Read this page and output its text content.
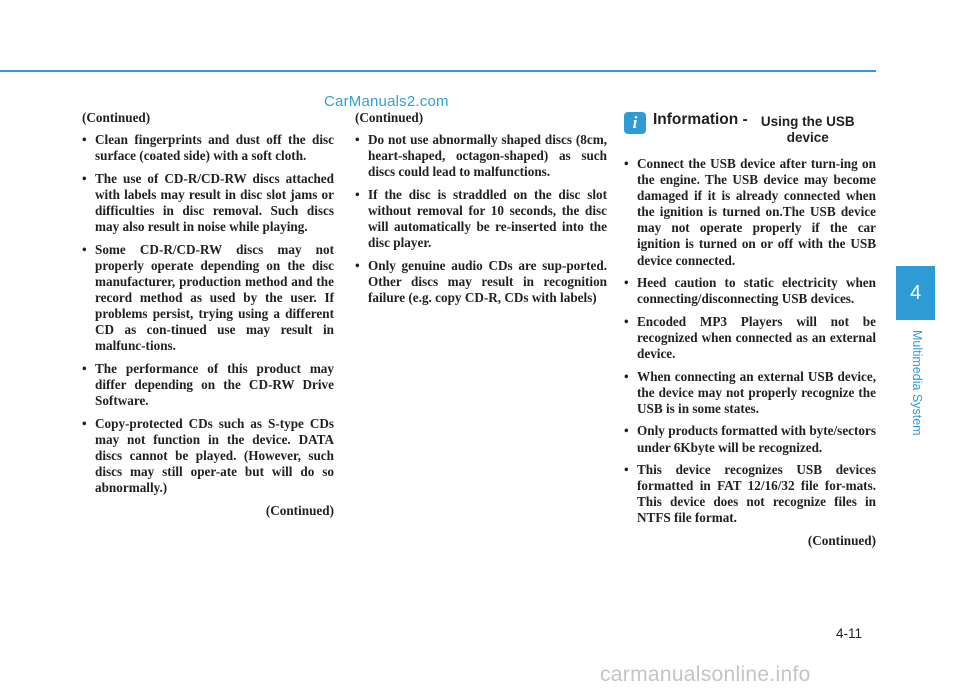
CarManuals2.com
(Continued)
• Clean fingerprints and dust off the disc surface (coated side) with a soft cloth.
• The use of CD-R/CD-RW discs attached with labels may result in disc slot jams or difficulties in disc removal. Such discs may also result in noise while playing.
• Some CD-R/CD-RW discs may not properly operate depending on the disc manufacturer, production method and the record method as used by the user. If problems persist, trying using a different CD as con-tinued use may result in malfunc-tions.
• The performance of this product may differ depending on the CD-RW Drive Software.
• Copy-protected CDs such as S-type CDs may not function in the device. DATA discs cannot be played. (However, such discs may still oper-ate but will do so abnormally.)
(Continued)
(Continued)
• Do not use abnormally shaped discs (8cm, heart-shaped, octagon-shaped) as such discs could lead to malfunctions.
• If the disc is straddled on the disc slot without removal for 10 seconds, the disc will automatically be re-inserted into the disc player.
• Only genuine audio CDs are sup-ported. Other discs may result in recognition failure (e.g. copy CD-R, CDs with labels)
i	Information - Using the USB device
• Connect the USB device after turn-ing on the engine. The USB device may become damaged if it is already connected when the ignition is turned on.The USB device may not operate properly if the car ignition is turned on or off with the USB device connected.
• Heed caution to static electricity when connecting/disconnecting USB devices.
• Encoded MP3 Players will not be recognized when connected as an external device.
• When connecting an external USB device, the device may not properly recognize the USB is in some states.
• Only products formatted with byte/sectors under 6Kbyte will be recognized.
• This device recognizes USB devices formatted in FAT 12/16/32 file for-mats. This device does not recognize files in NTFS file format.
(Continued)
4
Multimedia System
4-11
carmanualsonline.info
